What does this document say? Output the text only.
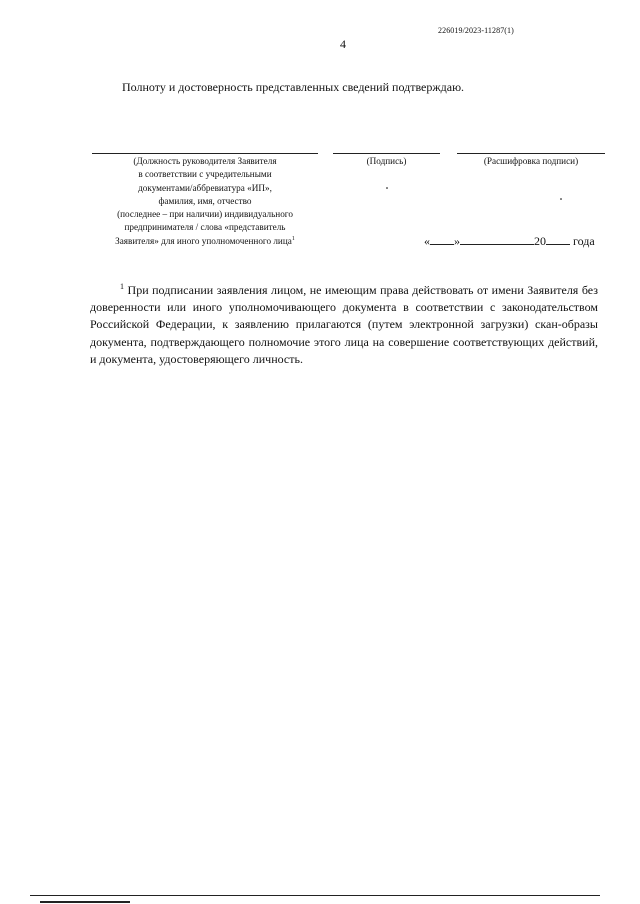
226019/2023-11287(1)
4
Полноту и достоверность представленных сведений подтверждаю.
(Должность руководителя Заявителя
в соответствии с учредительными
документами/аббревиатура «ИП»,
фамилия, имя, отчество
(последнее – при наличии) индивидуального
предпринимателя / слова «представитель
Заявителя» для иного уполномоченного лица$^1$
(Подпись)	(Расшифровка подписи)
« »	20 года
$^1$ При подписании заявления лицом, не имеющим права действовать от имени Заявителя без доверенности или иного уполномочивающего документа в соответствии с законодательством Российской Федерации, к заявлению прилагаются (путем электронной загрузки) скан-образы документа, подтверждающего полномочие этого лица на совершение соответствующих действий, и документа, удостоверяющего личность.
